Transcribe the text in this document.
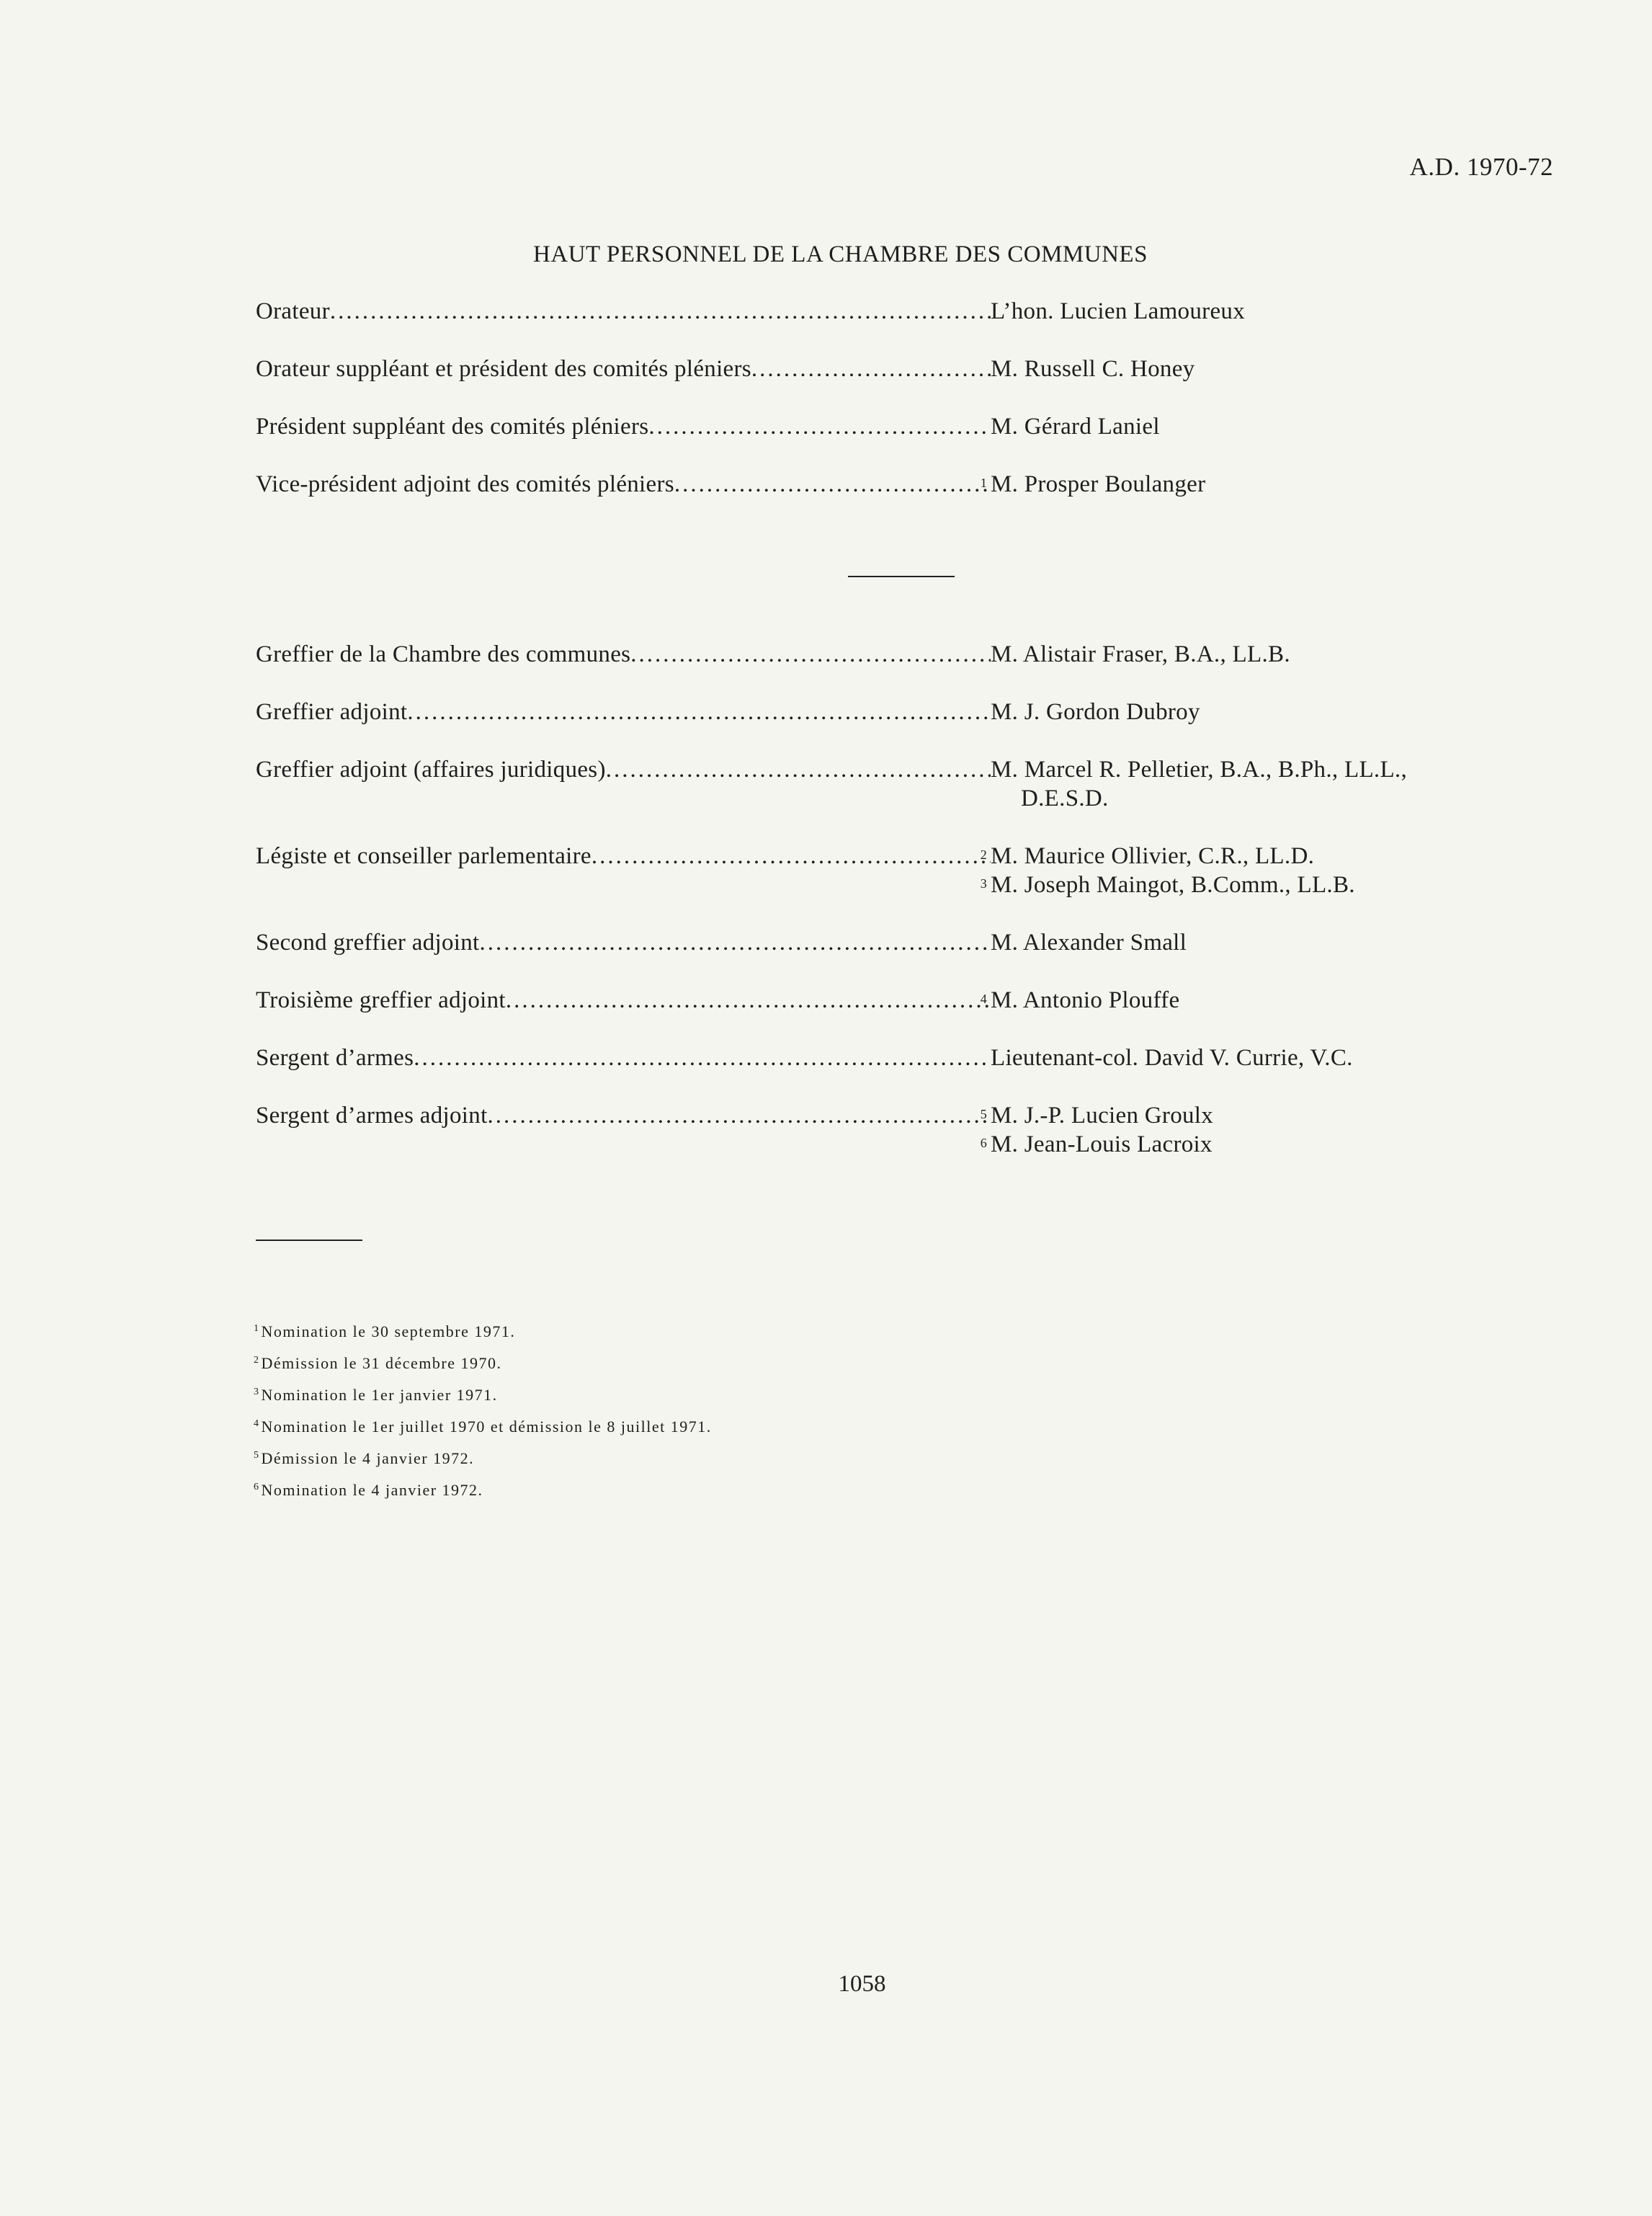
A.D. 1970-72
HAUT PERSONNEL DE LA CHAMBRE DES COMMUNES
Orateur .....	L’hon. Lucien Lamoureux
Orateur suppléant et président des comités pléniers .....	M. Russell C. Honey
Président suppléant des comités pléniers .....	M. Gérard Laniel
Vice-président adjoint des comités pléniers .....	1 M. Prosper Boulanger
Greffier de la Chambre des communes .....	M. Alistair Fraser, B.A., LL.B.
Greffier adjoint .....	M. J. Gordon Dubroy
Greffier adjoint (affaires juridiques) .....	M. Marcel R. Pelletier, B.A., B.Ph., LL.L.,
D.E.S.D.
Légiste et conseiller parlementaire .....	2 M. Maurice Ollivier, C.R., LL.D.
3 M. Joseph Maingot, B.Comm., LL.B.
Second greffier adjoint .....	M. Alexander Small
Troisième greffier adjoint .....	4 M. Antonio Plouffe
Sergent d’armes .....	Lieutenant-col. David V. Currie, V.C.
Sergent d’armes adjoint .....	5 M. J.-P. Lucien Groulx
6 M. Jean-Louis Lacroix
$^1$Nomination le 30 septembre 1971.
$^2$Démission le 31 décembre 1970.
$^3$Nomination le 1er janvier 1971.
$^4$Nomination le 1er juillet 1970 et démission le 8 juillet 1971.
$^5$Démission le 4 janvier 1972.
$^6$Nomination le 4 janvier 1972.
1058
